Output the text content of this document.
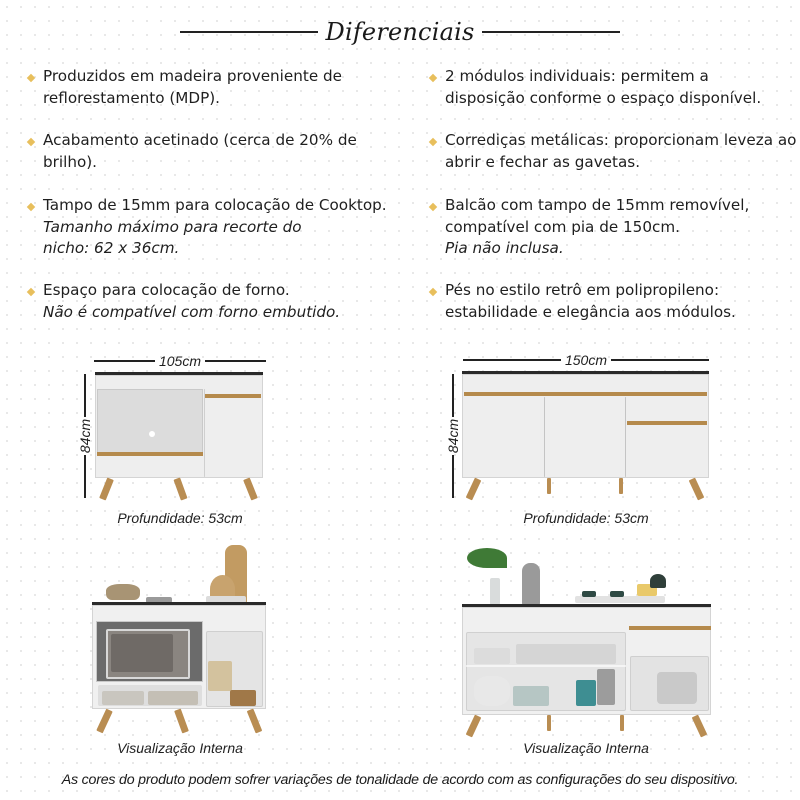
Diferenciais

Produzidos em madeira proveniente de reflorestamento (MDP).

Acabamento acetinado (cerca de 20% de brilho).

Tampo de 15mm para colocação de Cooktop.

Tamanho máximo para recorte do nicho: 62 x 36cm.

Espaço para colocação de forno.

Não é compatível com forno embutido.

2 módulos individuais: permitem a disposição conforme o espaço disponível.

Corrediças metálicas: proporcionam leveza ao abrir e fechar as gavetas.

Balcão com tampo de 15mm removível, compatível com pia de 150cm.

Pia não inclusa.

Pés no estilo retrô em polipropileno: estabilidade e elegância aos módulos.

105cm
84cm
Profundidade: 53cm
150cm
84cm
Profundidade: 53cm
Visualização Interna	Visualização Interna
As cores do produto podem sofrer variações de tonalidade de acordo com as configurações do seu dispositivo.
